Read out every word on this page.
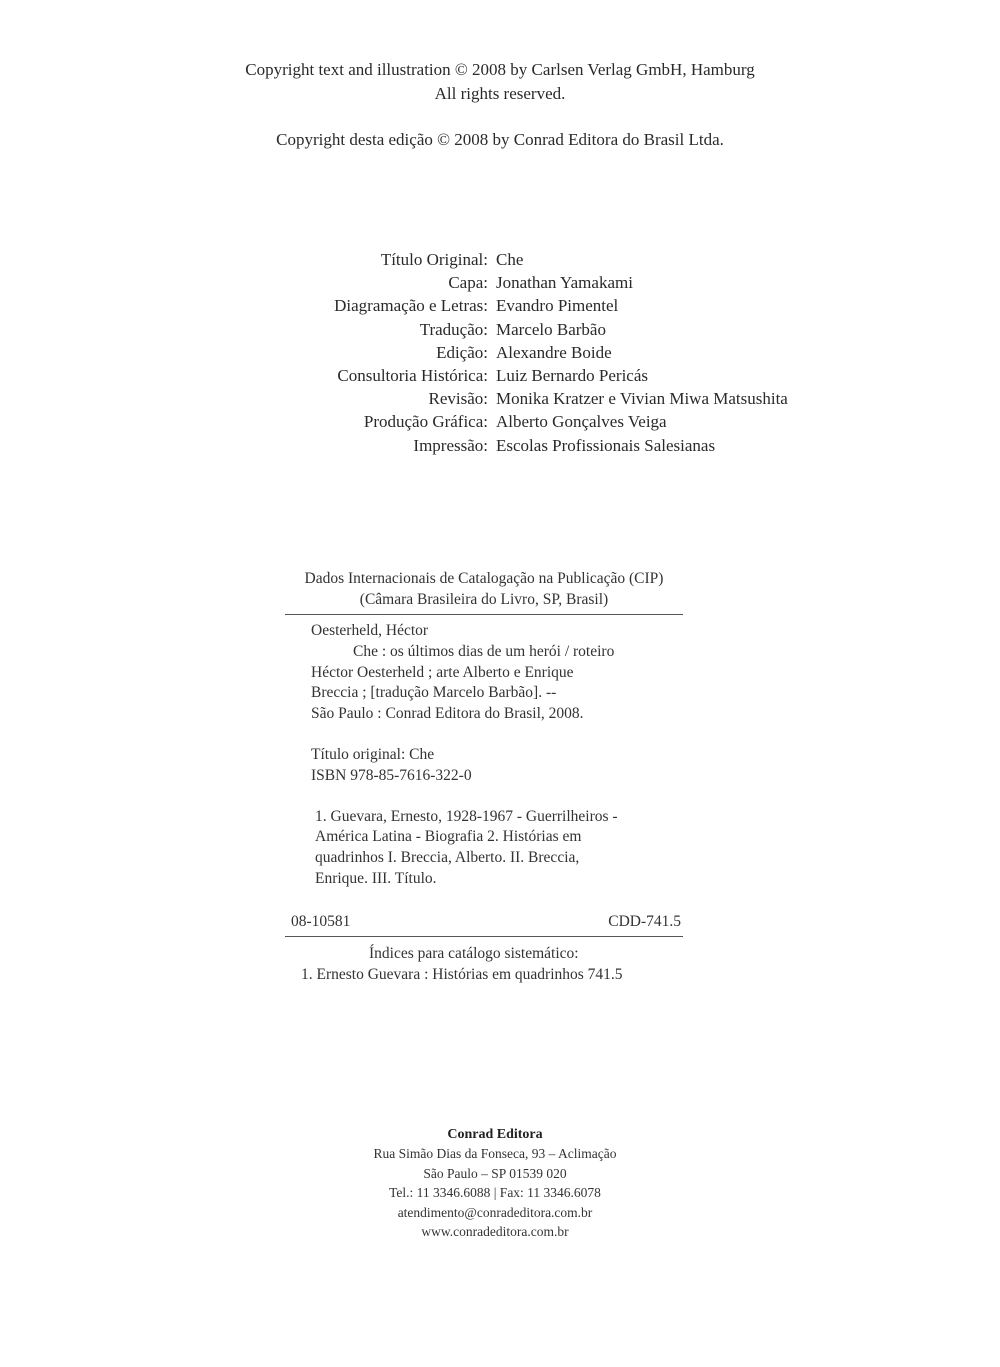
Copyright text and illustration © 2008 by Carlsen Verlag GmbH, Hamburg
All rights reserved.
Copyright desta edição © 2008 by Conrad Editora do Brasil Ltda.
Título Original: Che
Capa: Jonathan Yamakami
Diagramação e Letras: Evandro Pimentel
Tradução: Marcelo Barbão
Edição: Alexandre Boide
Consultoria Histórica: Luiz Bernardo Pericás
Revisão: Monika Kratzer e Vivian Miwa Matsushita
Produção Gráfica: Alberto Gonçalves Veiga
Impressão: Escolas Profissionais Salesianas
Dados Internacionais de Catalogação na Publicação (CIP)
(Câmara Brasileira do Livro, SP, Brasil)
Oesterheld, Héctor
Che : os últimos dias de um herói / roteiro
Héctor Oesterheld ; arte Alberto e Enrique
Breccia ; [tradução Marcelo Barbão]. --
São Paulo : Conrad Editora do Brasil, 2008.
Título original: Che
ISBN 978-85-7616-322-0
1. Guevara, Ernesto, 1928-1967 - Guerrilheiros -
América Latina - Biografia 2. Histórias em
quadrinhos I. Breccia, Alberto. II. Breccia,
Enrique. III. Título.
08-10581	CDD-741.5
Índices para catálogo sistemático:
1. Ernesto Guevara : Histórias em quadrinhos 741.5
Conrad Editora
Rua Simão Dias da Fonseca, 93 – Aclimação
São Paulo – SP 01539 020
Tel.: 11 3346.6088 | Fax: 11 3346.6078
atendimento@conradeditora.com.br
www.conradeditora.com.br
